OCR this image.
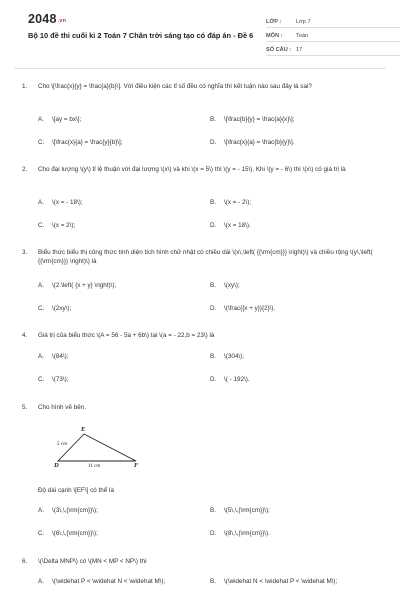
2048.vn
Bộ 10 đề thi cuối kì 2 Toán 7 Chân trời sáng tạo có đáp án - Đề 6
LỚP :	Lớp 7
MÔN :	Toán
SỐ CÂU : 17
1. Cho \[\frac{x}{y} = \frac{a}{b}\]. Với điều kiện các tỉ số đều có nghĩa thì kết luận nào sau đây là sai?
A. \[ay = bx\];	B. \[\frac{b}{y} = \frac{a}{x}\];
C. \[\frac{x}{a} = \frac{y}{b}\];	D. \[\frac{x}{a} = \frac{b}{y}\].
2. Cho đại lượng \(y\) tỉ lệ thuận với đại lượng \(x\) và khi \(x = 5\) thì \(y = - 15\). Khi \(y = - 6\) thì \(x\) có giá trị là
A. \(x = - 18\);	B. \(x = - 2\);
C. \(x = 2\);	D. \(x = 18\).
3. Biểu thức biểu thị công thức tính diện tích hình chữ nhật có chiều dài \(x\,\left( {{\rm{cm}}} \right)\) và chiều rộng \(y\,\left( {{\rm{cm}}} \right)\) là
A. \(2.\left( {x + y} \right)\);	B. \(xy\);
C. \(2xy\);	D. \(\frac{{x + y}}{2}\).
4. Giá trị của biểu thức \(A = 56 - 5a + 6b\) tại \(a = - 22,b = 23\) là
A. \(84\);	B. \(304\);
C. \(73\);	D. \( - 192\).
5. Cho hình vẽ bên.
E
D	F
5 cm
11 cm
Độ dài cạnh \[EF\] có thể là
A. \(3\,\,{\rm{cm}}\);	B. \(5\,\,{\rm{cm}}\);
C. \(6\,\,{\rm{cm}}\);	D. \(8\,\,{\rm{cm}}\).
6. \(\Delta MNP\) có \(MN < MP < NP\) thì
A. \(\widehat P < \widehat N < \widehat M\);	B. \(\widehat N < \widehat P < \widehat M\);
